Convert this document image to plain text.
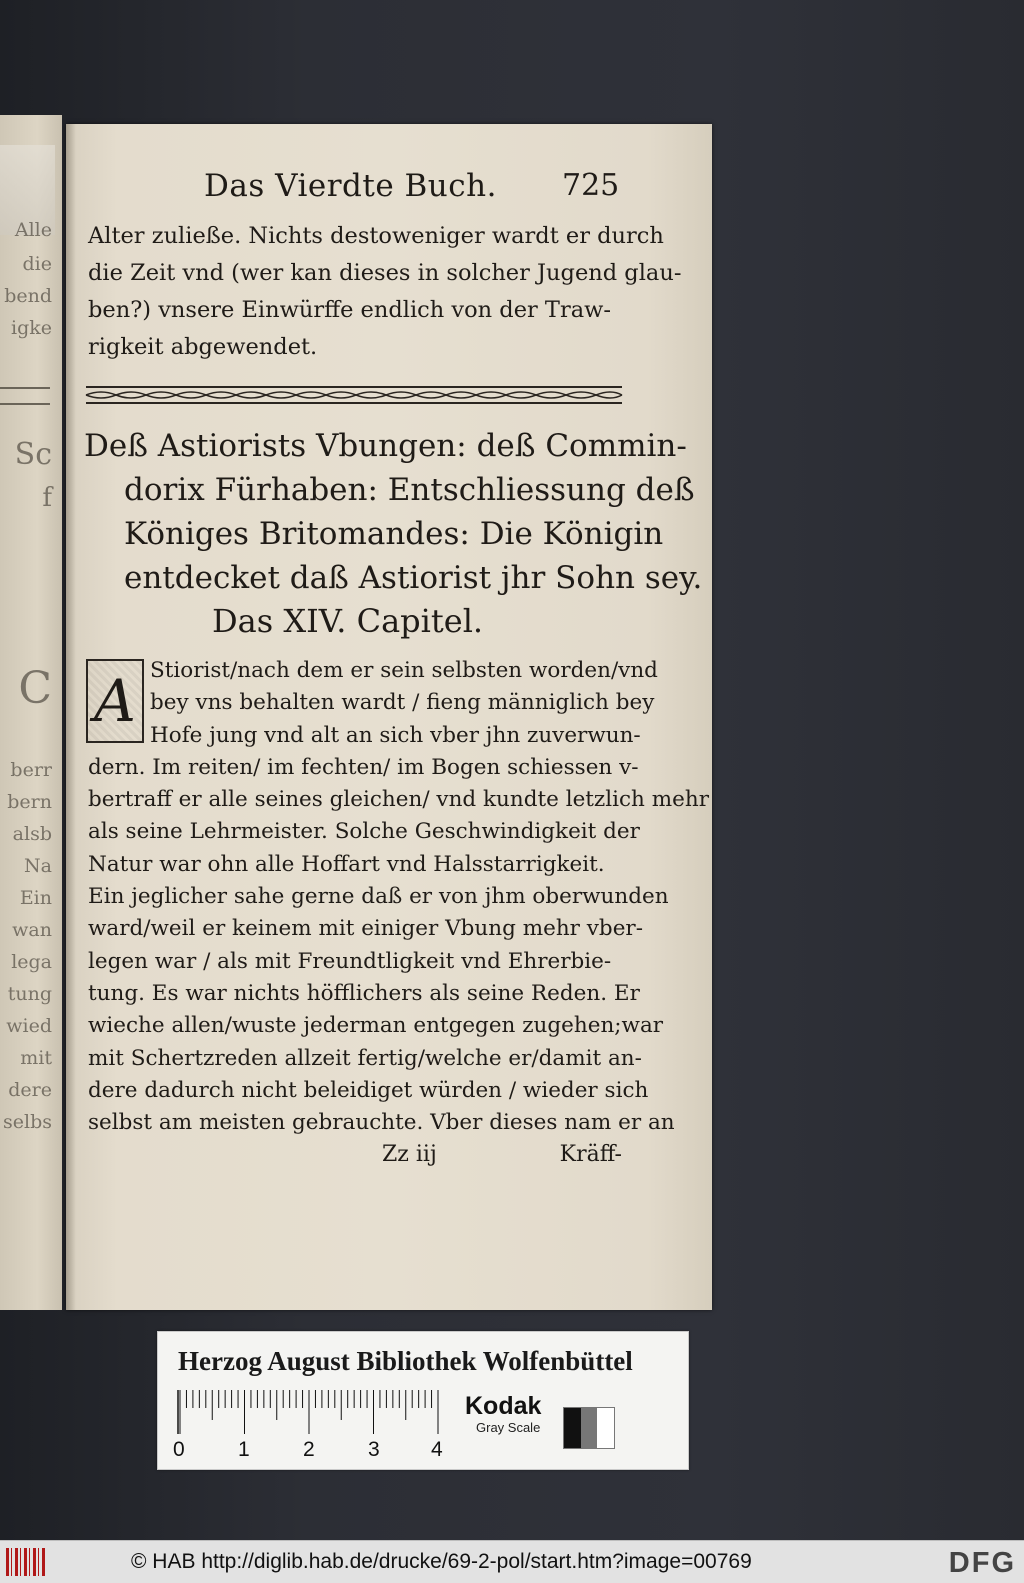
Alle
die
bend
igke
Sc
f
C
berr
bern
alsb
Na
Ein
wan
lega
tung
wied
mit
dere
selbs
Das Vierdte Buch. 725
Alter zuließe. Nichts destoweniger wardt er durch
die Zeit vnd (wer kan dieses in solcher Jugend glau-
ben?) vnsere Einwürffe endlich von der Traw-
rigkeit abgewendet.
Deß Astiorists Vbungen: deß Commin-
dorix Fürhaben: Entschliessung deß
Königes Britomandes: Die Königin
entdecket daß Astiorist jhr Sohn sey.
Das XIV. Capitel.
A Stiorist/nach dem er sein selbsten worden/vnd
bey vns behalten wardt / fieng männiglich bey
Hofe jung vnd alt an sich vber jhn zuverwun-
dern. Im reiten/ im fechten/ im Bogen schiessen v-
bertraff er alle seines gleichen/ vnd kundte letzlich mehr
als seine Lehrmeister. Solche Geschwindigkeit der
Natur war ohn alle Hoffart vnd Halsstarrigkeit.
Ein jeglicher sahe gerne daß er von jhm oberwunden
ward/weil er keinem mit einiger Vbung mehr vber-
legen war / als mit Freundtligkeit vnd Ehrerbie-
tung. Es war nichts höfflichers als seine Reden. Er
wieche allen/wuste jederman entgegen zugehen;war
mit Schertzreden allzeit fertig/welche er/damit an-
dere dadurch nicht beleidiget würden / wieder sich
selbst am meisten gebrauchte. Vber dieses nam er an
Zz iij	Kräff-
Herzog August Bibliothek Wolfenbüttel
0	1	2	3 4
Kodak
Gray Scale
© HAB http://diglib.hab.de/drucke/69-2-pol/start.htm?image=00769	DFG
